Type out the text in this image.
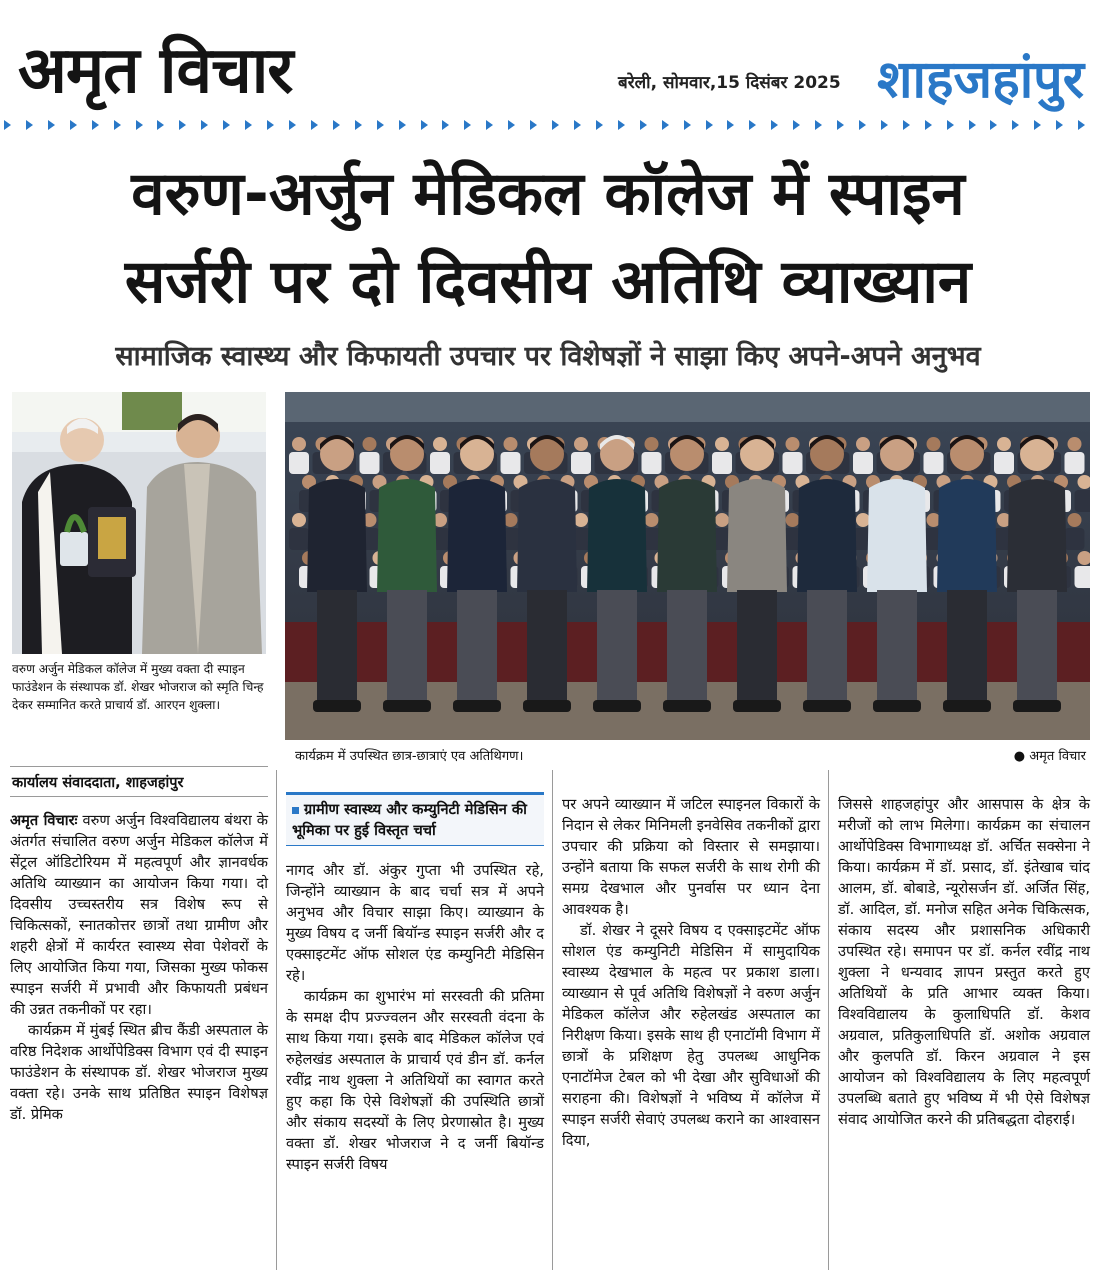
अमृत विचार	बरेली, सोमवार,15 दिसंबर 2025 शाहजहांपुर
वरुण-अर्जुन मेडिकल कॉलेज में स्पाइन
सर्जरी पर दो दिवसीय अतिथि व्याख्यान
सामाजिक स्वास्थ्य और किफायती उपचार पर विशेषज्ञों ने साझा किए अपने-अपने अनुभव
वरुण अर्जुन मेडिकल कॉलेज में मुख्य वक्ता दी स्पाइन फाउंडेशन के संस्थापक डॉ. शेखर भोजराज को स्मृति चिन्ह देकर सम्मानित करते प्राचार्य डॉ. आरएन शुक्ला।
कार्यक्रम में उपस्थित छात्र-छात्राएं एव अतिथिगण।	● अमृत विचार
कार्यालय संवाददाता, शाहजहांपुर

अमृत विचारः वरुण अर्जुन विश्वविद्यालय बंथरा के अंतर्गत संचालित वरुण अर्जुन मेडिकल कॉलेज में सेंट्रल ऑडिटोरियम में महत्वपूर्ण और ज्ञानवर्धक अतिथि व्याख्यान का आयोजन किया गया। दो दिवसीय उच्चस्तरीय सत्र विशेष रूप से चिकित्सकों, स्नातकोत्तर छात्रों तथा ग्रामीण और शहरी क्षेत्रों में कार्यरत स्वास्थ्य सेवा पेशेवरों के लिए आयोजित किया गया, जिसका मुख्य फोकस स्पाइन सर्जरी में प्रभावी और किफायती प्रबंधन की उन्नत तकनीकों पर रहा।

कार्यक्रम में मुंबई स्थित ब्रीच कैंडी अस्पताल के वरिष्ठ निदेशक आर्थोपेडिक्स विभाग एवं दी स्पाइन फाउंडेशन के संस्थापक डॉ. शेखर भोजराज मुख्य वक्ता रहे। उनके साथ प्रतिष्ठित स्पाइन विशेषज्ञ डॉ. प्रेमिक

ग्रामीण स्वास्थ्य और कम्युनिटी मेडिसिन की भूमिका पर हुई विस्तृत चर्चा

नागद और डॉ. अंकुर गुप्ता भी उपस्थित रहे, जिन्होंने व्याख्यान के बाद चर्चा सत्र में अपने अनुभव और विचार साझा किए। व्याख्यान के मुख्य विषय द जर्नी बियॉन्ड स्पाइन सर्जरी और द एक्साइटमेंट ऑफ सोशल एंड कम्युनिटी मेडिसिन रहे।

कार्यक्रम का शुभारंभ मां सरस्वती की प्रतिमा के समक्ष दीप प्रज्ज्वलन और सरस्वती वंदना के साथ किया गया। इसके बाद मेडिकल कॉलेज एवं रुहेलखंड अस्पताल के प्राचार्य एवं डीन डॉ. कर्नल रवींद्र नाथ शुक्ला ने अतिथियों का स्वागत करते हुए कहा कि ऐसे विशेषज्ञों की उपस्थिति छात्रों और संकाय सदस्यों के लिए प्रेरणास्रोत है। मुख्य वक्ता डॉ. शेखर भोजराज ने द जर्नी बियॉन्ड स्पाइन सर्जरी विषय

पर अपने व्याख्यान में जटिल स्पाइनल विकारों के निदान से लेकर मिनिमली इनवेसिव तकनीकों द्वारा उपचार की प्रक्रिया को विस्तार से समझाया। उन्होंने बताया कि सफल सर्जरी के साथ रोगी की समग्र देखभाल और पुनर्वास पर ध्यान देना आवश्यक है।

डॉ. शेखर ने दूसरे विषय द एक्साइटमेंट ऑफ सोशल एंड कम्युनिटी मेडिसिन में सामुदायिक स्वास्थ्य देखभाल के महत्व पर प्रकाश डाला। व्याख्यान से पूर्व अतिथि विशेषज्ञों ने वरुण अर्जुन मेडिकल कॉलेज और रुहेलखंड अस्पताल का निरीक्षण किया। इसके साथ ही एनाटॉमी विभाग में छात्रों के प्रशिक्षण हेतु उपलब्ध आधुनिक एनाटॉमेज टेबल को भी देखा और सुविधाओं की सराहना की। विशेषज्ञों ने भविष्य में कॉलेज में स्पाइन सर्जरी सेवाएं उपलब्ध कराने का आश्वासन दिया,

जिससे शाहजहांपुर और आसपास के क्षेत्र के मरीजों को लाभ मिलेगा। कार्यक्रम का संचालन आर्थोपेडिक्स विभागाध्यक्ष डॉ. अर्चित सक्सेना ने किया। कार्यक्रम में डॉ. प्रसाद, डॉ. इंतेखाब चांद आलम, डॉ. बोबाडे, न्यूरोसर्जन डॉ. अर्जित सिंह, डॉ. आदिल, डॉ. मनोज सहित अनेक चिकित्सक, संकाय सदस्य और प्रशासनिक अधिकारी उपस्थित रहे। समापन पर डॉ. कर्नल रवींद्र नाथ शुक्ला ने धन्यवाद ज्ञापन प्रस्तुत करते हुए अतिथियों के प्रति आभार व्यक्त किया। विश्वविद्यालय के कुलाधिपति डॉ. केशव अग्रवाल, प्रतिकुलाधिपति डॉ. अशोक अग्रवाल और कुलपति डॉ. किरन अग्रवाल ने इस आयोजन को विश्वविद्यालय के लिए महत्वपूर्ण उपलब्धि बताते हुए भविष्य में भी ऐसे विशेषज्ञ संवाद आयोजित करने की प्रतिबद्धता दोहराई।
